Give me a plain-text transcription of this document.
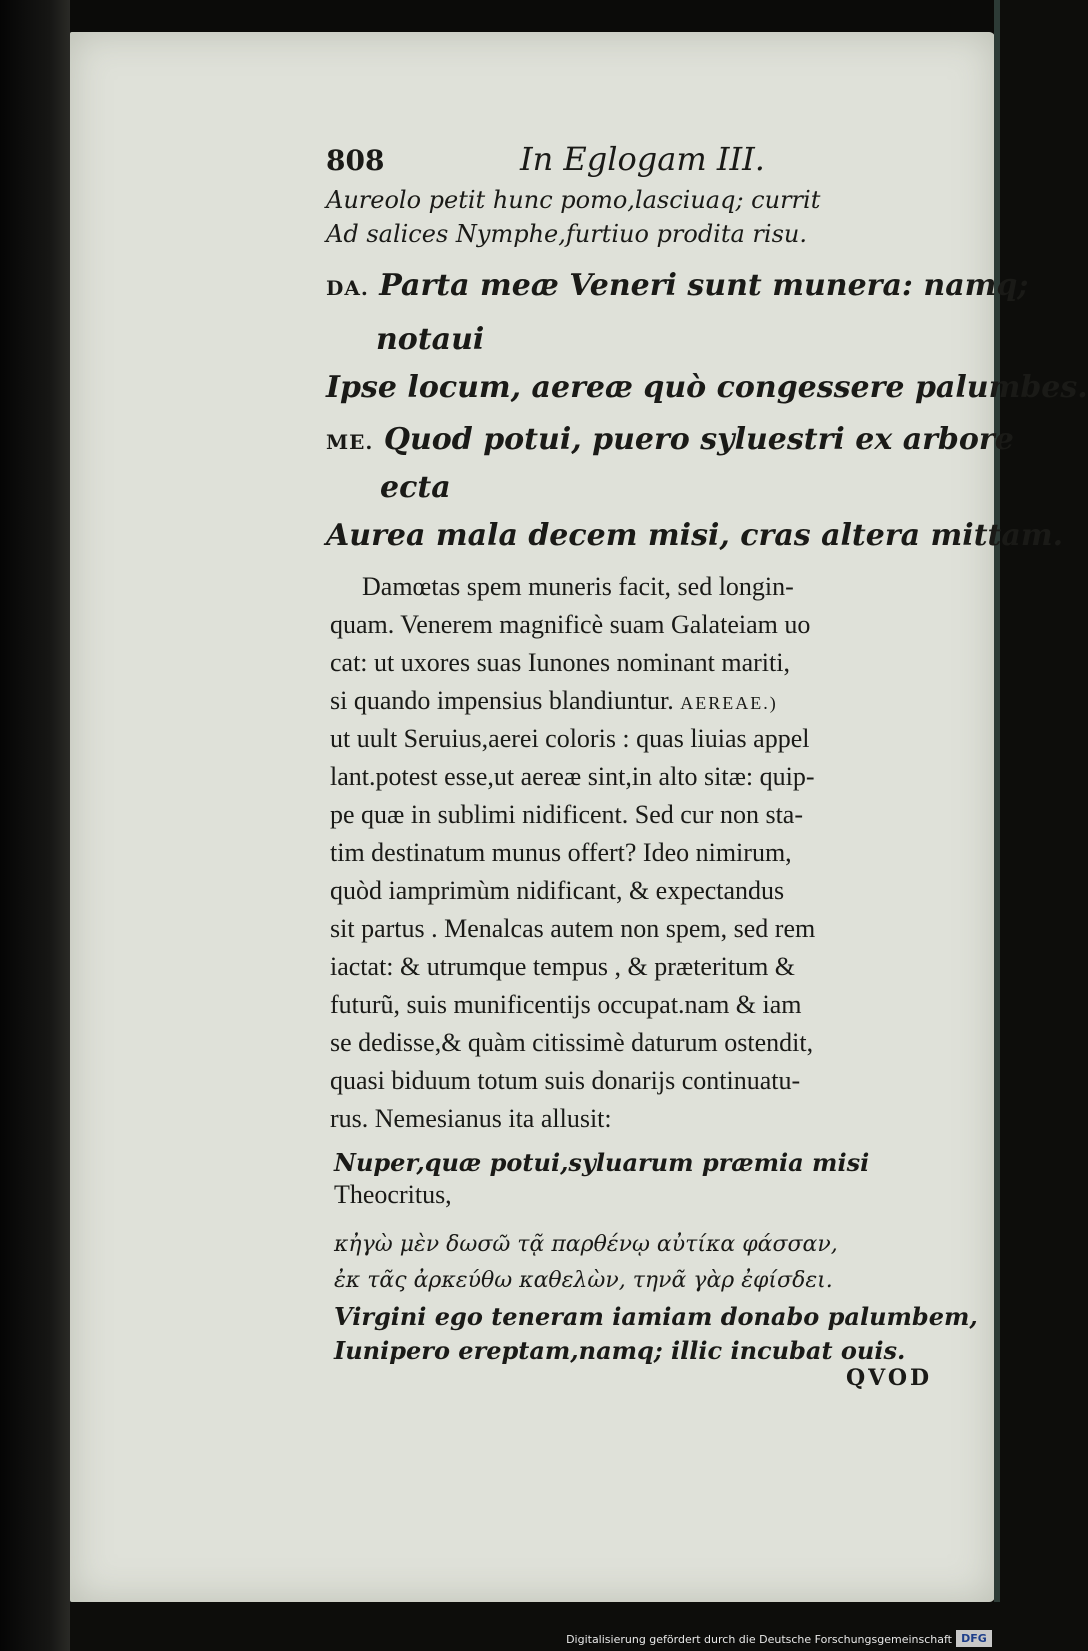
808	In Eglogam III.
Aureolo petit hunc pomo,lasciuaq; currit
Ad salices Nymphe,furtiuo prodita risu.
DA. Parta meæ Veneri sunt munera: namq;
notaui
Ipse locum, aereæ quò congessere palumbes.
ME. Quod potui, puero syluestri ex arbore
ecta
Aurea mala decem misi, cras altera mittam.
Damœtas spem muneris facit, sed longin-
quam. Venerem magnificè suam Galateiam uo
cat: ut uxores suas Iunones nominant mariti,
si quando impensius blandiuntur. AEREAE.)
ut uult Seruius,aerei coloris : quas liuias appel
lant.potest esse,ut aereæ sint,in alto sitæ: quip-
pe quæ in sublimi nidificent. Sed cur non sta-
tim destinatum munus offert? Ideo nimirum,
quòd iamprimùm nidificant, & expectandus
sit partus . Menalcas autem non spem, sed rem
iactat: & utrumque tempus , & præteritum &
futurũ, suis munificentijs occupat.nam & iam
se dedisse,& quàm citissimè daturum ostendit,
quasi biduum totum suis donarijs continuatu-
rus. Nemesianus ita allusit:
Nuper,quæ potui,syluarum præmia misi
Theocritus,
κἠγὼ μὲν δωσῶ τᾷ παρθένῳ αὐτίκα φάσσαν,
ἐκ τᾶς ἀρκεύθω καθελὼν, τηνᾶ γὰρ ἐφίσδει.
Virgini ego teneram iamiam donabo palumbem,
Iunipero ereptam,namq; illic incubat ouis.
QVOD
Digitalisierung gefördert durch die Deutsche Forschungsgemeinschaft DFG
